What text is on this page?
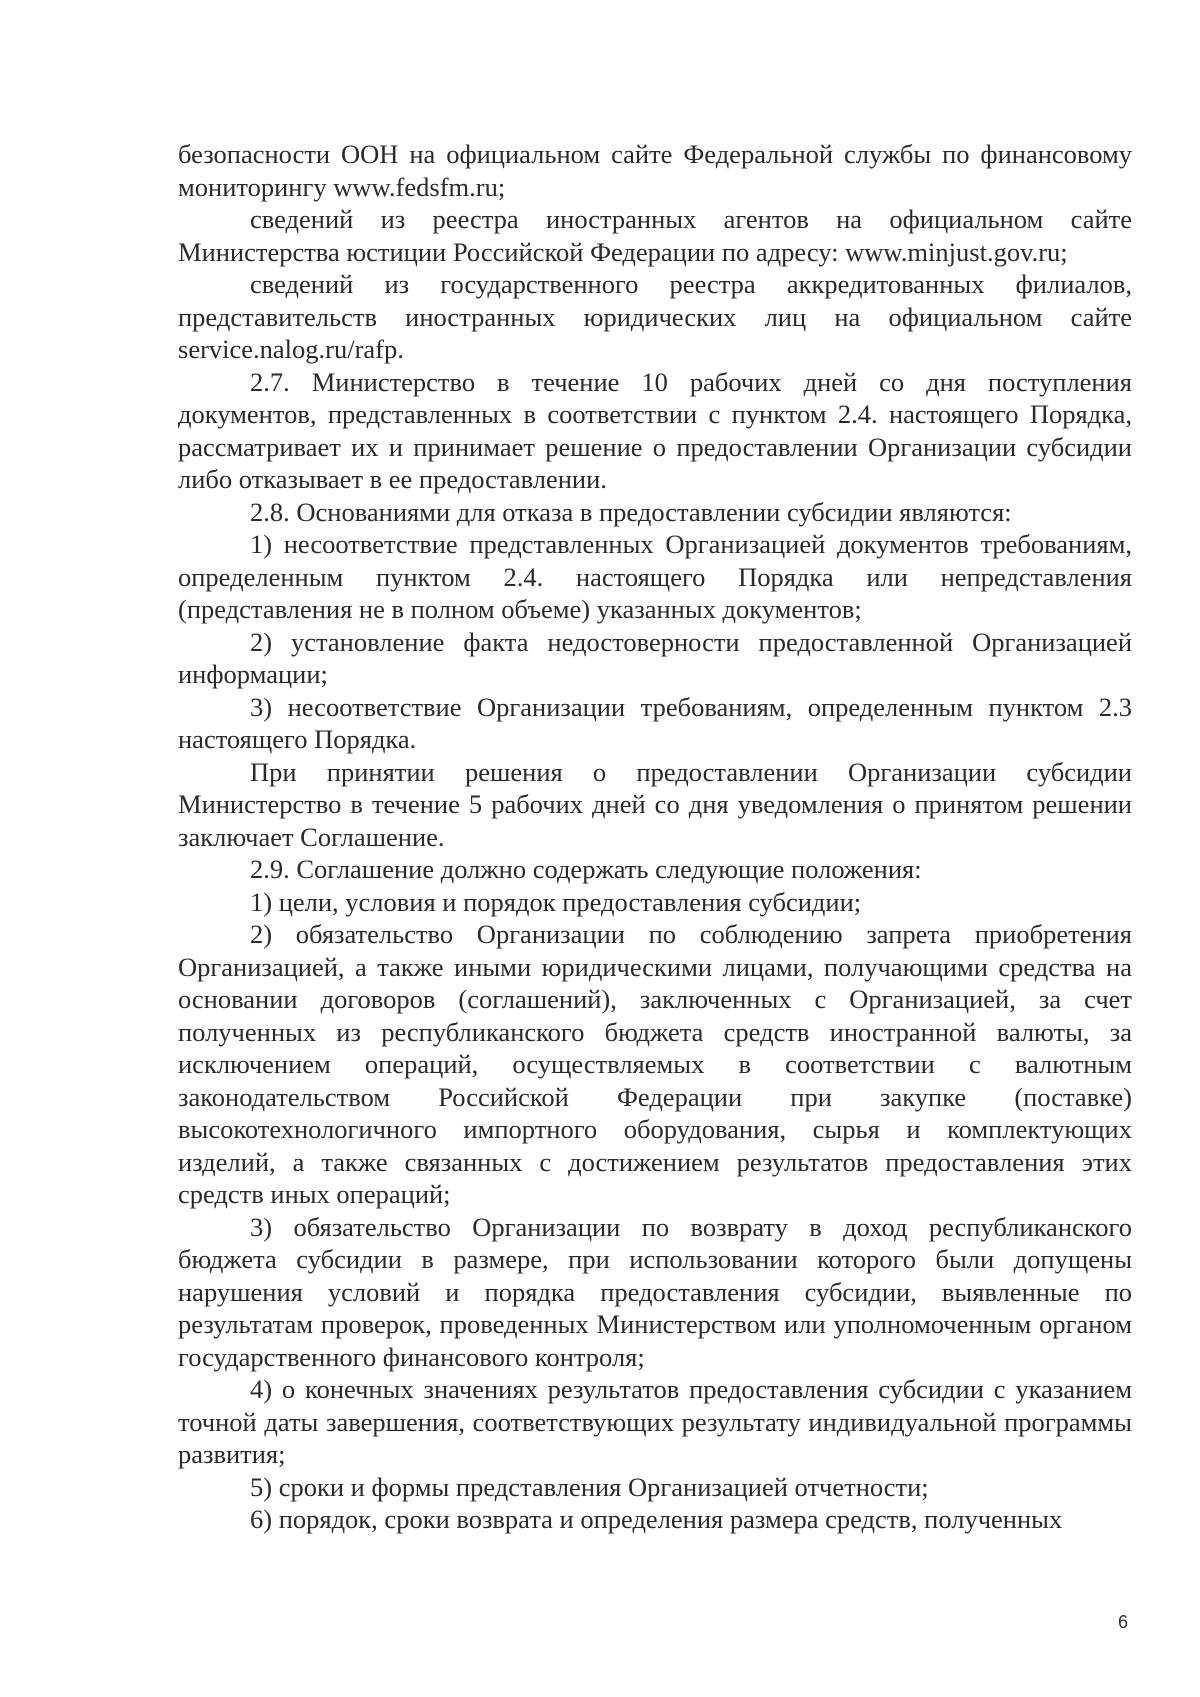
безопасности ООН на официальном сайте Федеральной службы по финансовому мониторингу www.fedsfm.ru;

сведений из реестра иностранных агентов на официальном сайте Министерства юстиции Российской Федерации по адресу: www.minjust.gov.ru;

сведений из государственного реестра аккредитованных филиалов, представительств иностранных юридических лиц на официальном сайте service.nalog.ru/rafp.

2.7. Министерство в течение 10 рабочих дней со дня поступления документов, представленных в соответствии с пунктом 2.4. настоящего Порядка, рассматривает их и принимает решение о предоставлении Организации субсидии либо отказывает в ее предоставлении.

2.8. Основаниями для отказа в предоставлении субсидии являются:

1) несоответствие представленных Организацией документов требованиям, определенным пунктом 2.4. настоящего Порядка или непредставления (представления не в полном объеме) указанных документов;

2) установление факта недостоверности предоставленной Организацией информации;

3) несоответствие Организации требованиям, определенным пунктом 2.3 настоящего Порядка.

При принятии решения о предоставлении Организации субсидии Министерство в течение 5 рабочих дней со дня уведомления о принятом решении заключает Соглашение.

2.9. Соглашение должно содержать следующие положения:

1) цели, условия и порядок предоставления субсидии;

2) обязательство Организации по соблюдению запрета приобретения Организацией, а также иными юридическими лицами, получающими средства на основании договоров (соглашений), заключенных с Организацией, за счет полученных из республиканского бюджета средств иностранной валюты, за исключением операций, осуществляемых в соответствии с валютным законодательством Российской Федерации при закупке (поставке) высокотехнологичного импортного оборудования, сырья и комплектующих изделий, а также связанных с достижением результатов предоставления этих средств иных операций;

3) обязательство Организации по возврату в доход республиканского бюджета субсидии в размере, при использовании которого были допущены нарушения условий и порядка предоставления субсидии, выявленные по результатам проверок, проведенных Министерством или уполномоченным органом государственного финансового контроля;

4) о конечных значениях результатов предоставления субсидии с указанием точной даты завершения, соответствующих результату индивидуальной программы развития;

5) сроки и формы представления Организацией отчетности;

6) порядок, сроки возврата и определения размера средств, полученных

6
